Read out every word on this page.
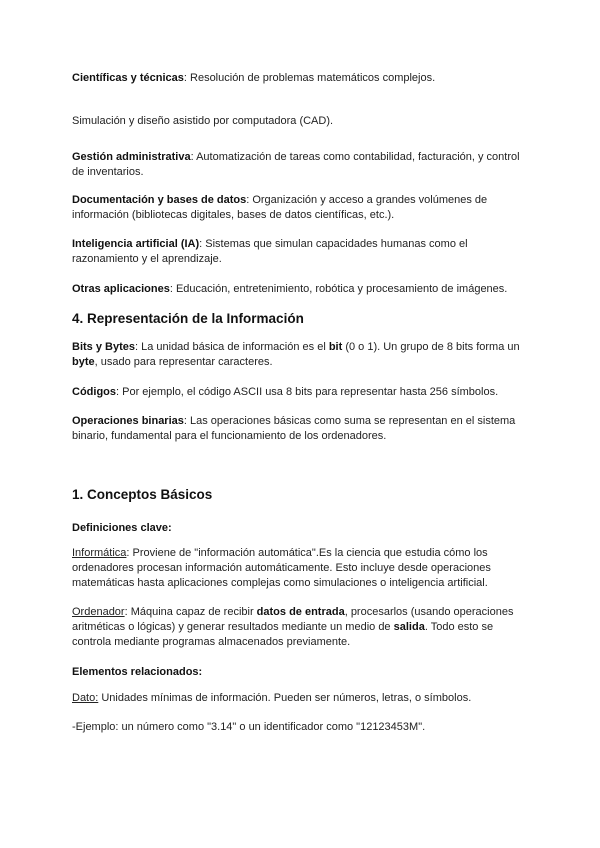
Científicas y técnicas: Resolución de problemas matemáticos complejos.

Simulación y diseño asistido por computadora (CAD).

Gestión administrativa: Automatización de tareas como contabilidad, facturación, y control de inventarios.

Documentación y bases de datos: Organización y acceso a grandes volúmenes de información (bibliotecas digitales, bases de datos científicas, etc.).

Inteligencia artificial (IA): Sistemas que simulan capacidades humanas como el razonamiento y el aprendizaje.

Otras aplicaciones: Educación, entretenimiento, robótica y procesamiento de imágenes.

4. Representación de la Información

Bits y Bytes: La unidad básica de información es el bit (0 o 1). Un grupo de 8 bits forma un byte, usado para representar caracteres.

Códigos: Por ejemplo, el código ASCII usa 8 bits para representar hasta 256 símbolos.

Operaciones binarias: Las operaciones básicas como suma se representan en el sistema binario, fundamental para el funcionamiento de los ordenadores.

1. Conceptos Básicos
Definiciones clave:

Informática: Proviene de "información automática".Es la ciencia que estudia cómo los ordenadores procesan información automáticamente. Esto incluye desde operaciones matemáticas hasta aplicaciones complejas como simulaciones o inteligencia artificial.

Ordenador: Máquina capaz de recibir datos de entrada, procesarlos (usando operaciones aritméticas o lógicas) y generar resultados mediante un medio de salida. Todo esto se controla mediante programas almacenados previamente.

Elementos relacionados:

Dato: Unidades mínimas de información. Pueden ser números, letras, o símbolos.

-Ejemplo: un número como "3.14" o un identificador como "12123453M".
